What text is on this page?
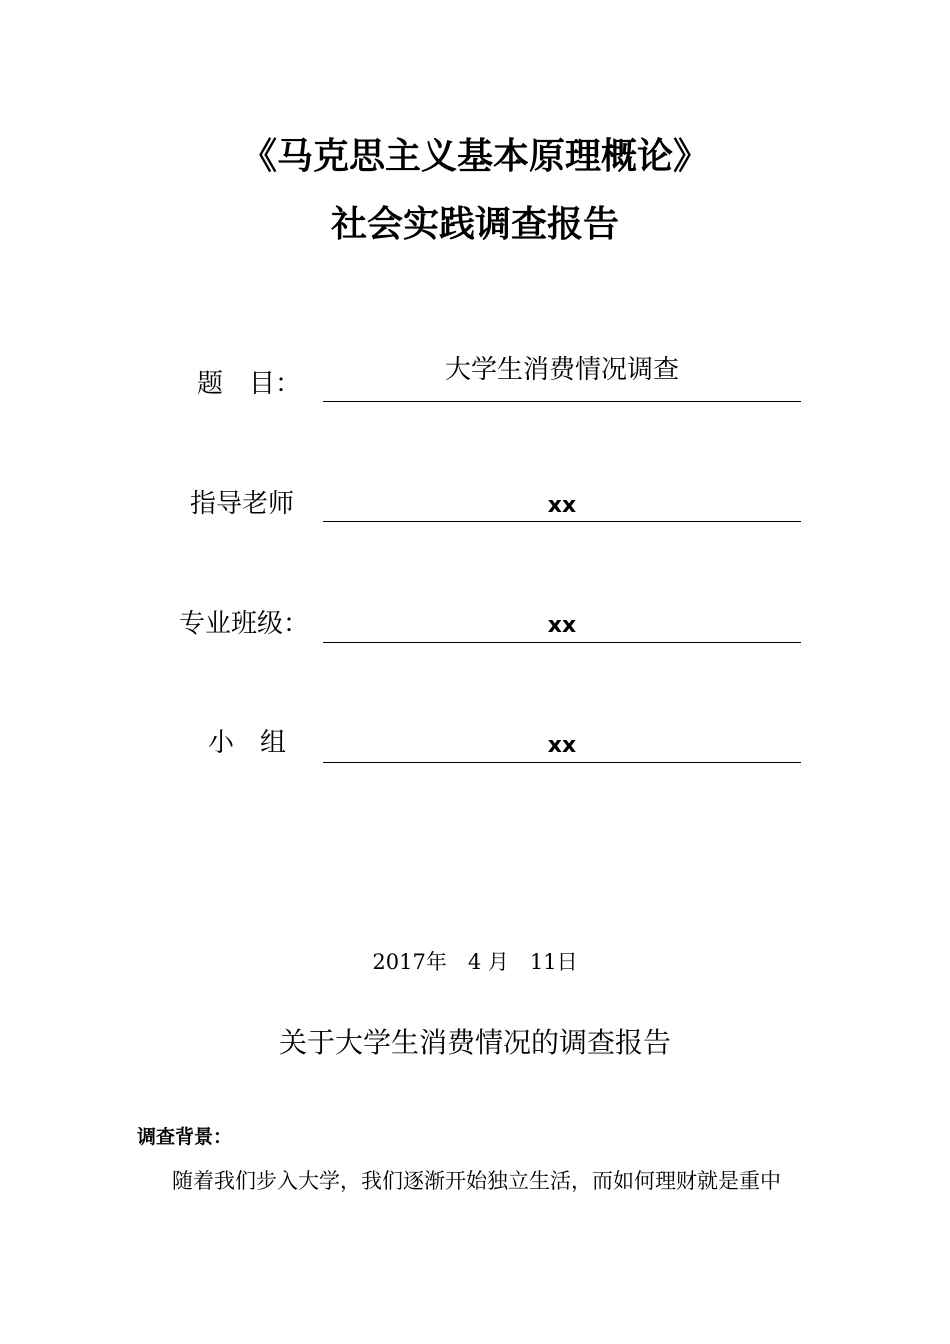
《马克思主义基本原理概论》
社会实践调查报告
题　目：	大学生消费情况调查
指导老师	xx
专业班级：	xx
小　组	xx
2017年　4 月　11日
关于大学生消费情况的调查报告
调查背景：

随着我们步入大学，我们逐渐开始独立生活，而如何理财就是重中
